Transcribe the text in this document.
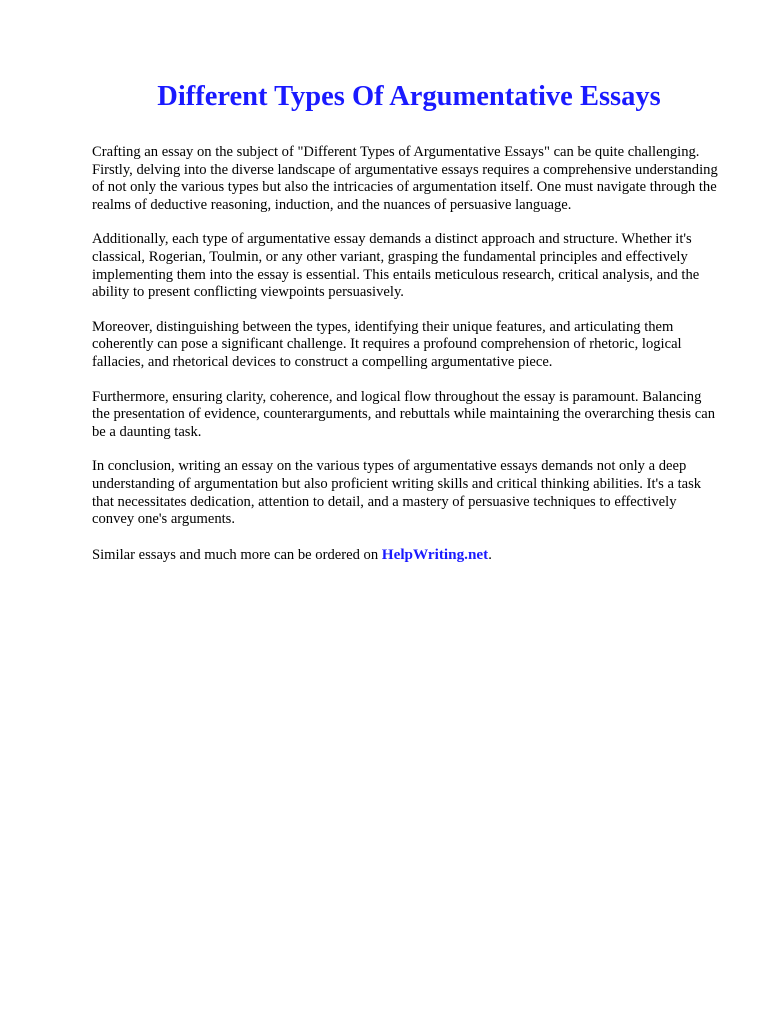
Different Types Of Argumentative Essays

Crafting an essay on the subject of "Different Types of Argumentative Essays" can be quite challenging. Firstly, delving into the diverse landscape of argumentative essays requires a comprehensive understanding of not only the various types but also the intricacies of argumentation itself. One must navigate through the realms of deductive reasoning, induction, and the nuances of persuasive language.

Additionally, each type of argumentative essay demands a distinct approach and structure. Whether it's classical, Rogerian, Toulmin, or any other variant, grasping the fundamental principles and effectively implementing them into the essay is essential. This entails meticulous research, critical analysis, and the ability to present conflicting viewpoints persuasively.

Moreover, distinguishing between the types, identifying their unique features, and articulating them coherently can pose a significant challenge. It requires a profound comprehension of rhetoric, logical fallacies, and rhetorical devices to construct a compelling argumentative piece.

Furthermore, ensuring clarity, coherence, and logical flow throughout the essay is paramount. Balancing the presentation of evidence, counterarguments, and rebuttals while maintaining the overarching thesis can be a daunting task.

In conclusion, writing an essay on the various types of argumentative essays demands not only a deep understanding of argumentation but also proficient writing skills and critical thinking abilities. It's a task that necessitates dedication, attention to detail, and a mastery of persuasive techniques to effectively convey one's arguments.

Similar essays and much more can be ordered on HelpWriting.net.
